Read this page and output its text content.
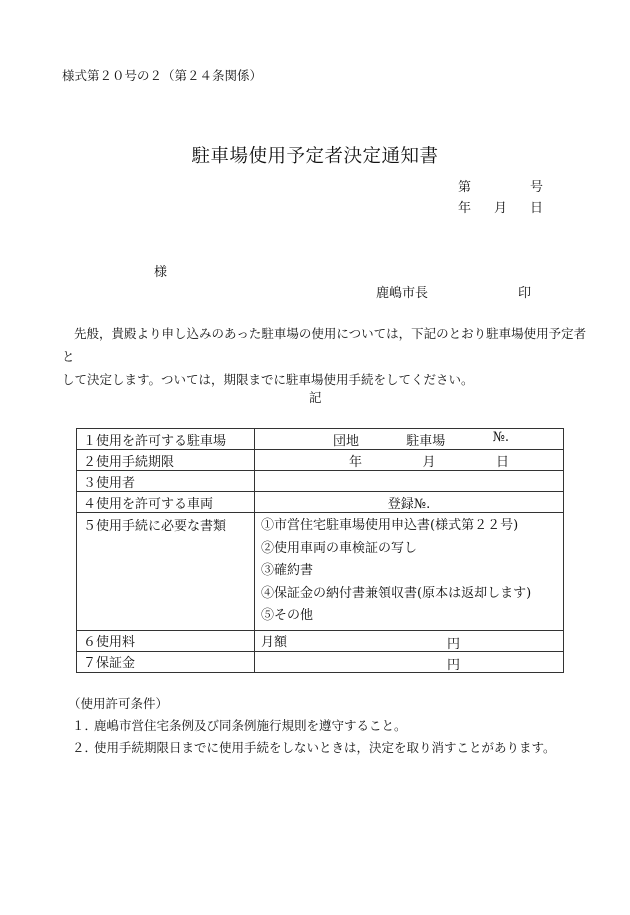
様式第２０号の２（第２４条関係）
駐車場使用予定者決定通知書
第	号
年 月 日
様
鹿嶋市長	印

先般，貴殿より申し込みのあった駐車場の使用については，下記のとおり駐車場使用予定者と

して決定します。ついては，期限までに駐車場使用手続をしてください。

記
１使用を許可する駐車場	団地 駐車場 №.

２使用手続期限	年 月 日

３使用者	
４使用を許可する車両	登録№.
５使用手続に必要な書類	①市営住宅駐車場使用申込書(様式第２２号)
②使用車両の車検証の写し
③確約書
④保証金の納付書兼領収書(原本は返却します)
⑤その他

６使用料	月額 円

７保証金	円
（使用許可条件）
１．鹿嶋市営住宅条例及び同条例施行規則を遵守すること。
２．使用手続期限日までに使用手続をしないときは，決定を取り消すことがあります。
